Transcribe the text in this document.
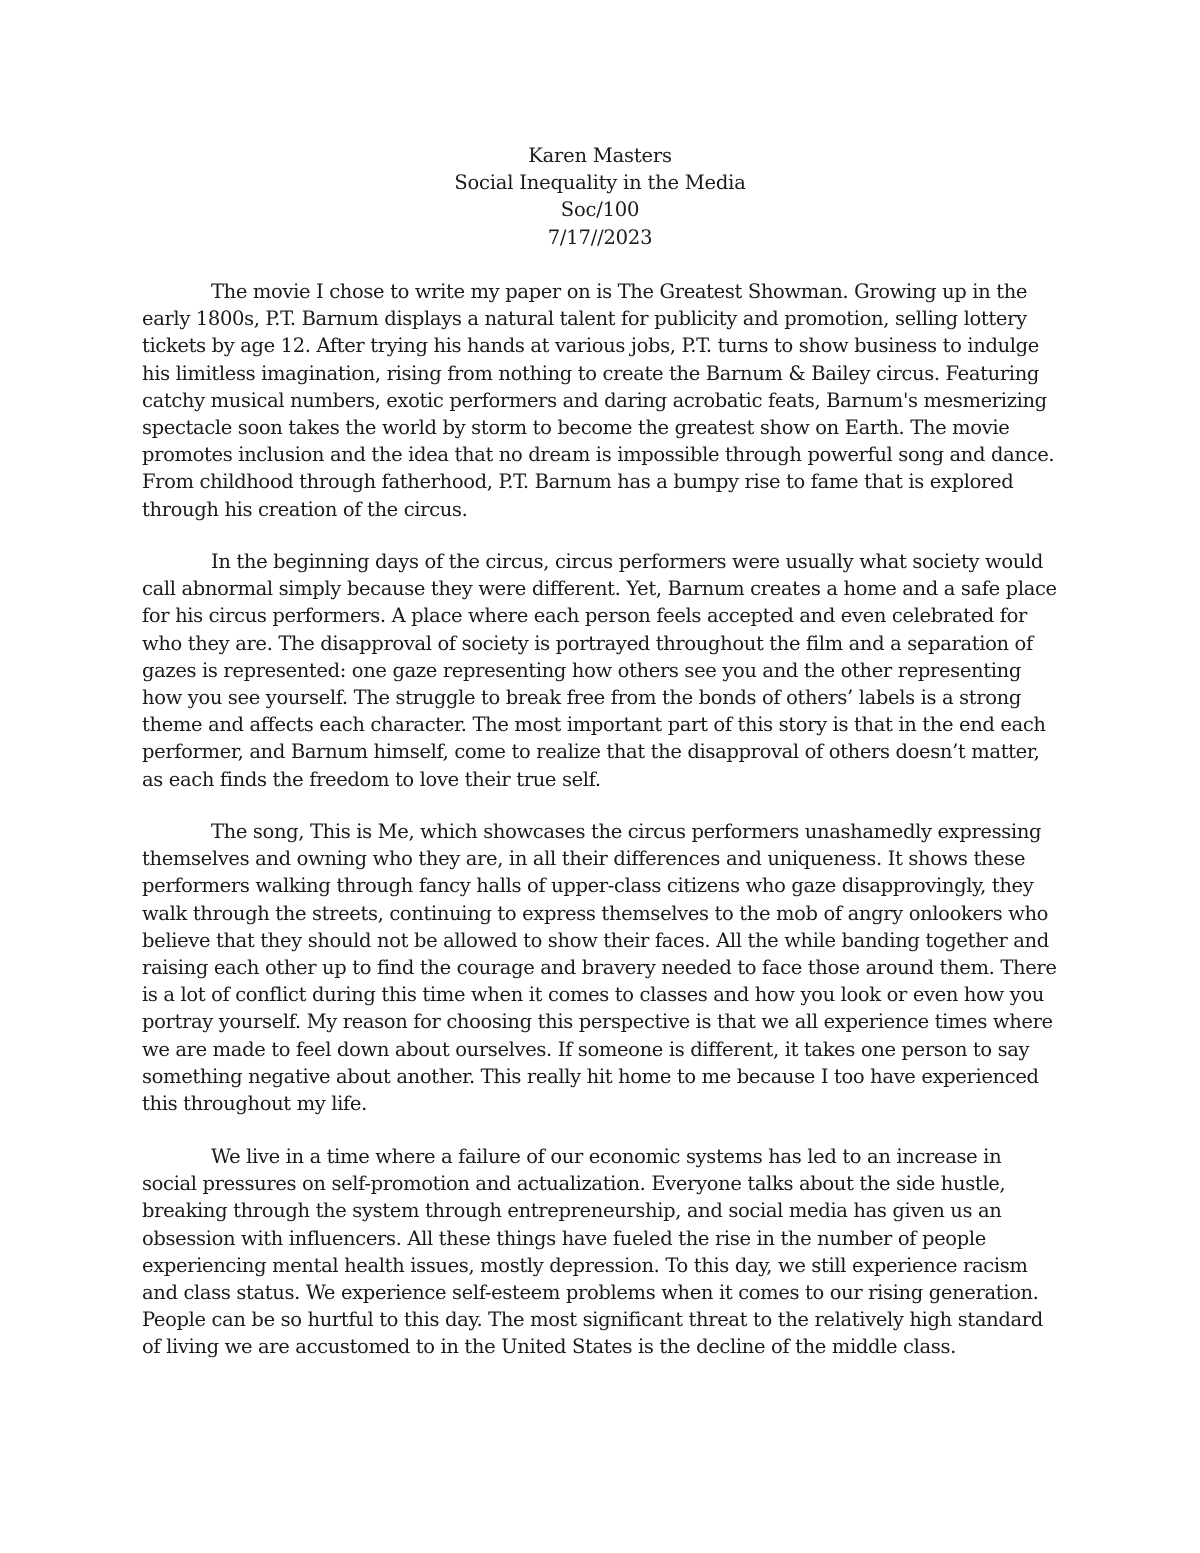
Karen Masters
Social Inequality in the Media
Soc/100
7/17//2023

The movie I chose to write my paper on is The Greatest Showman. Growing up in the early 1800s, P.T. Barnum displays a natural talent for publicity and promotion, selling lottery tickets by age 12. After trying his hands at various jobs, P.T. turns to show business to indulge his limitless imagination, rising from nothing to create the Barnum & Bailey circus. Featuring catchy musical numbers, exotic performers and daring acrobatic feats, Barnum's mesmerizing spectacle soon takes the world by storm to become the greatest show on Earth. The movie promotes inclusion and the idea that no dream is impossible through powerful song and dance. From childhood through fatherhood, P.T. Barnum has a bumpy rise to fame that is explored through his creation of the circus.

In the beginning days of the circus, circus performers were usually what society would call abnormal simply because they were different. Yet, Barnum creates a home and a safe place for his circus performers. A place where each person feels accepted and even celebrated for who they are. The disapproval of society is portrayed throughout the film and a separation of gazes is represented: one gaze representing how others see you and the other representing how you see yourself. The struggle to break free from the bonds of others’ labels is a strong theme and affects each character. The most important part of this story is that in the end each performer, and Barnum himself, come to realize that the disapproval of others doesn’t matter, as each finds the freedom to love their true self.

The song, This is Me, which showcases the circus performers unashamedly expressing themselves and owning who they are, in all their differences and uniqueness. It shows these performers walking through fancy halls of upper-class citizens who gaze disapprovingly, they walk through the streets, continuing to express themselves to the mob of angry onlookers who believe that they should not be allowed to show their faces. All the while banding together and raising each other up to find the courage and bravery needed to face those around them. There is a lot of conflict during this time when it comes to classes and how you look or even how you portray yourself. My reason for choosing this perspective is that we all experience times where we are made to feel down about ourselves. If someone is different, it takes one person to say something negative about another. This really hit home to me because I too have experienced this throughout my life.

We live in a time where a failure of our economic systems has led to an increase in social pressures on self-promotion and actualization. Everyone talks about the side hustle, breaking through the system through entrepreneurship, and social media has given us an obsession with influencers. All these things have fueled the rise in the number of people experiencing mental health issues, mostly depression. To this day, we still experience racism and class status. We experience self-esteem problems when it comes to our rising generation. People can be so hurtful to this day. The most significant threat to the relatively high standard of living we are accustomed to in the United States is the decline of the middle class.
